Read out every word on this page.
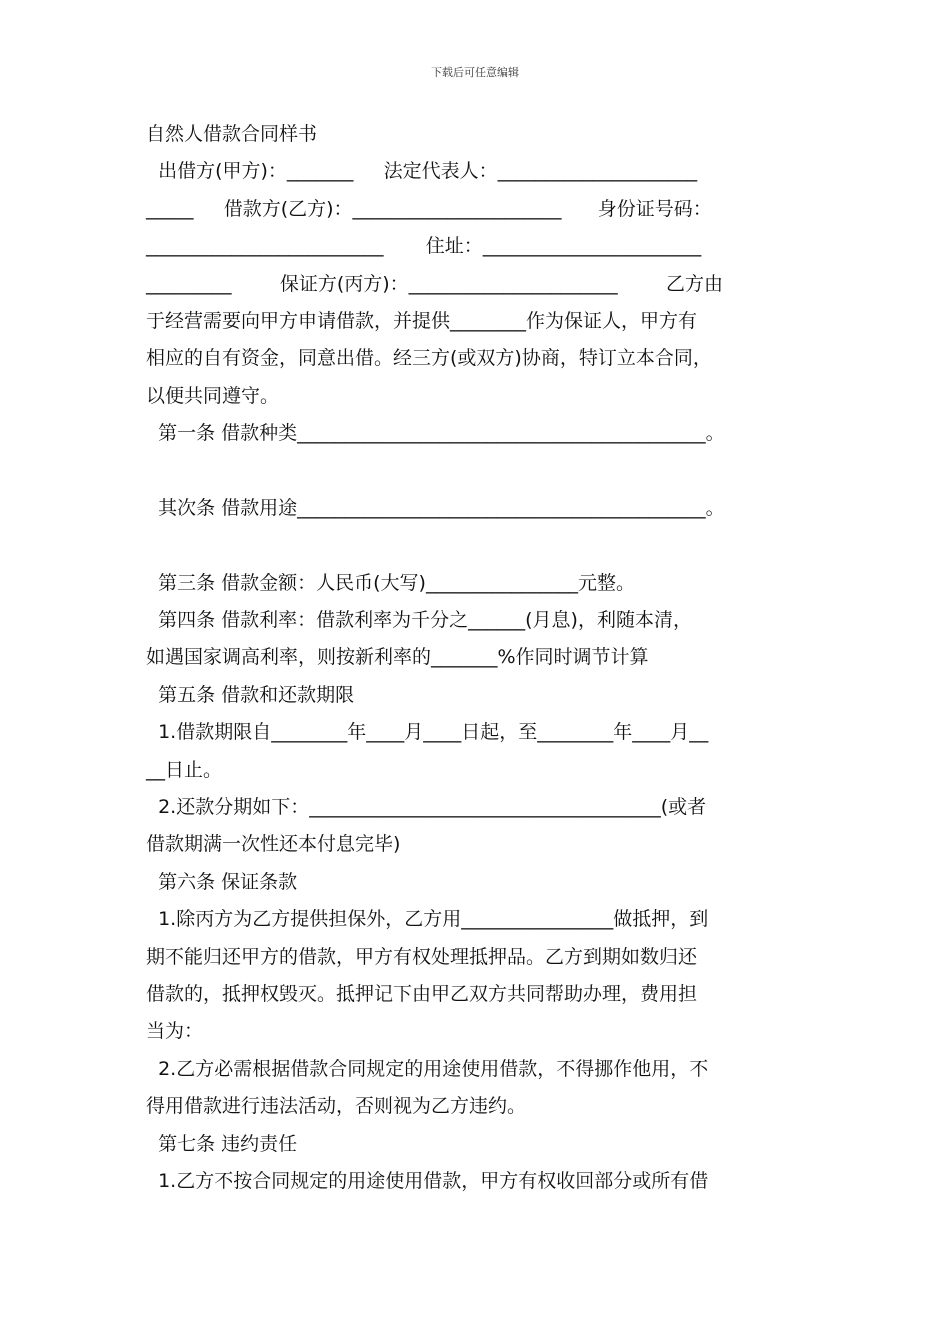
下载后可任意编辑
自然人借款合同样书
出借方(甲方)：_______     法定代表人：_____________________
_____     借款方(乙方)：______________________      身份证号码：
_________________________       住址：_______________________
_________        保证方(丙方)：______________________        乙方由
于经营需要向甲方申请借款，并提供________作为保证人，甲方有
相应的自有资金，同意出借。经三方(或双方)协商，特订立本合同，
以便共同遵守。
第一条 借款种类___________________________________________。
其次条 借款用途___________________________________________。
第三条 借款金额：人民币(大写)________________元整。
第四条 借款利率：借款利率为千分之______(月息)，利随本清，
如遇国家调高利率，则按新利率的_______%作同时调节计算
第五条 借款和还款期限
1.借款期限自________年____月____日起，至________年____月__
__日止。
2.还款分期如下：_____________________________________(或者
借款期满一次性还本付息完毕)
第六条 保证条款
1.除丙方为乙方提供担保外，乙方用________________做抵押，到
期不能归还甲方的借款，甲方有权处理抵押品。乙方到期如数归还
借款的，抵押权毁灭。抵押记下由甲乙双方共同帮助办理，费用担
当为：
2.乙方必需根据借款合同规定的用途使用借款，不得挪作他用，不
得用借款进行违法活动，否则视为乙方违约。
第七条 违约责任
1.乙方不按合同规定的用途使用借款，甲方有权收回部分或所有借
